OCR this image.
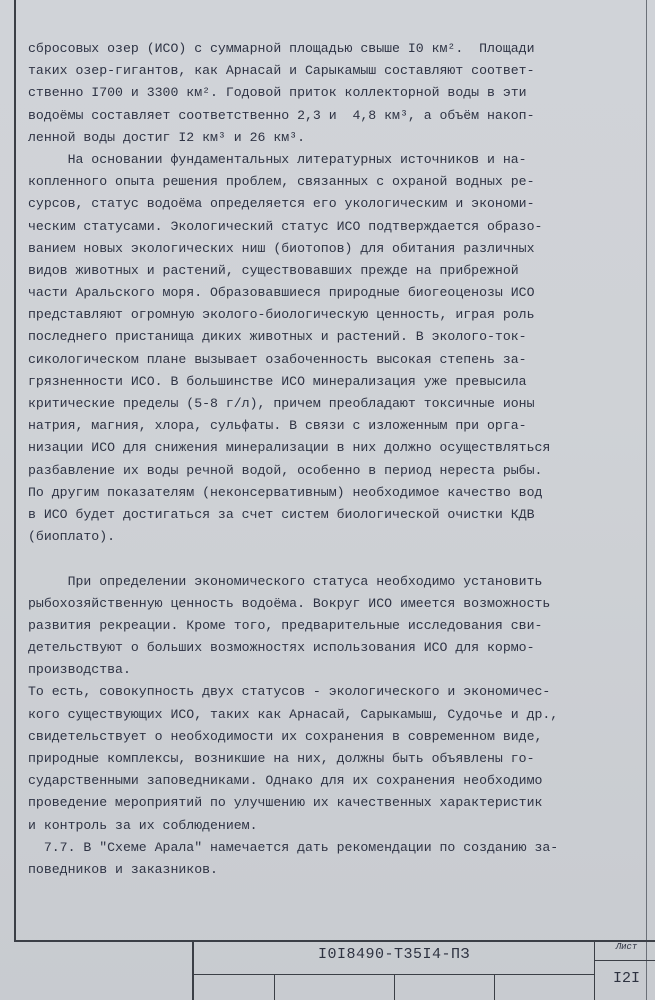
сбросовых озер (ИСО) с суммарной площадью свыше I0 км².  Площади
таких озер-гигантов, как Арнасай и Сарыкамыш составляют соответ-
ственно I700 и 3300 км². Годовой приток коллекторной воды в эти
водоёмы составляет соответственно 2,3 и  4,8 км³, а объём накоп-
ленной воды достиг I2 км³ и 26 км³.
На основании фундаментальных литературных источников и на-
копленного опыта решения проблем, связанных с охраной водных ре-
сурсов, статус водоёма определяется его укологическим и экономи-
ческим статусами. Экологический статус ИСО подтверждается образо-
ванием новых экологических ниш (биотопов) для обитания различных
видов животных и растений, существовавших прежде на прибрежной
части Аральского моря. Образовавшиеся природные биогеоценозы ИСО
представляют огромную эколого-биологическую ценность, играя роль
последнего пристанища диких животных и растений. В эколого-ток-
сикологическом плане вызывает озабоченность высокая степень за-
грязненности ИСО. В большинстве ИСО минерализация уже превысила
критические пределы (5-8 г/л), причем преобладают токсичные ионы
натрия, магния, хлора, сульфаты. В связи с изложенным при орга-
низации ИСО для снижения минерализации в них должно осуществляться
разбавление их воды речной водой, особенно в период нереста рыбы.
По другим показателям (неконсервативным) необходимое качество вод
в ИСО будет достигаться за счет систем биологической очистки КДВ
(биоплато).
При определении экономического статуса необходимо установить
рыбохозяйственную ценность водоёма. Вокруг ИСО имеется возможность
развития рекреации. Кроме того, предварительные исследования сви-
детельствуют о больших возможностях использования ИСО для кормо-
производства.
То есть, совокупность двух статусов - экологического и экономичес-
кого существующих ИСО, таких как Арнасай, Сарыкамыш, Судочье и др.,
свидетельствует о необходимости их сохранения в современном виде,
природные комплексы, возникшие на них, должны быть объявлены го-
сударственными заповедниками. Однако для их сохранения необходимо
проведение мероприятий по улучшению их качественных характеристик
и контроль за их соблюдением.
7.7. В "Схеме Арала" намечается дать рекомендации по созданию за-
поведников и заказников.
I0I8490-Т35I4-ПЗ	Лист
I2I
